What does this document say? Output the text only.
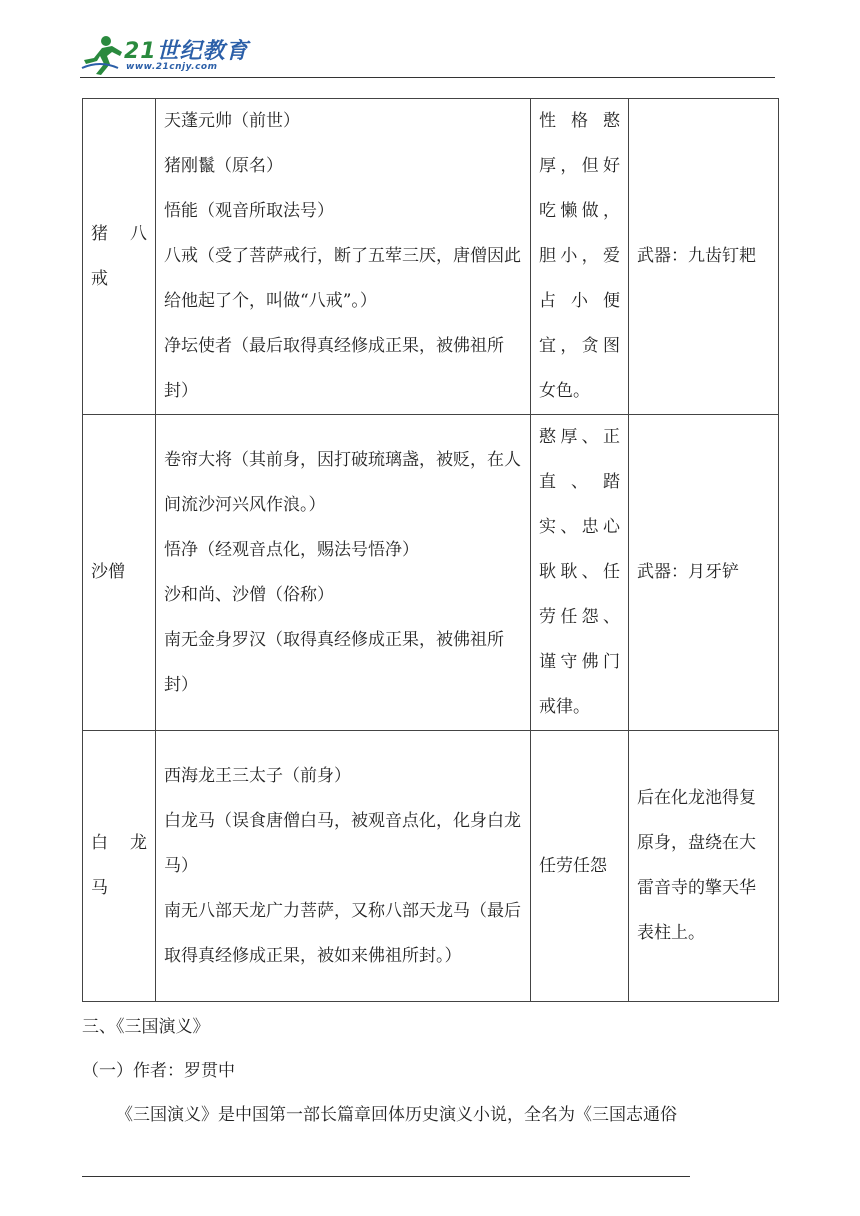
21世纪教育
www.21cnjy.com
猪　八戒	天蓬元帅（前世）
猪刚鬣（原名）
悟能（观音所取法号）
八戒（受了菩萨戒行，断了五荤三厌，唐僧因此给他起了个，叫做“八戒”。）
净坛使者（最后取得真经修成正果，被佛祖所封）	性格憨厚，但好吃懒做，胆小，爱占小便宜，贪图女色。	武器：九齿钉耙
沙僧	卷帘大将（其前身，因打破琉璃盏，被贬，在人间流沙河兴风作浪。）
悟净（经观音点化，赐法号悟净）
沙和尚、沙僧（俗称）
南无金身罗汉（取得真经修成正果，被佛祖所封）	憨厚、正直、踏实、忠心耿耿、任劳任怨、谨守佛门戒律。	武器：月牙铲
白　龙马	西海龙王三太子（前身）
白龙马（误食唐僧白马，被观音点化，化身白龙马）
南无八部天龙广力菩萨，又称八部天龙马（最后取得真经修成正果，被如来佛祖所封。）	任劳任怨	后在化龙池得复原身，盘绕在大雷音寺的擎天华表柱上。
三、《三国演义》
（一）作者：罗贯中
《三国演义》是中国第一部长篇章回体历史演义小说，全名为《三国志通俗
